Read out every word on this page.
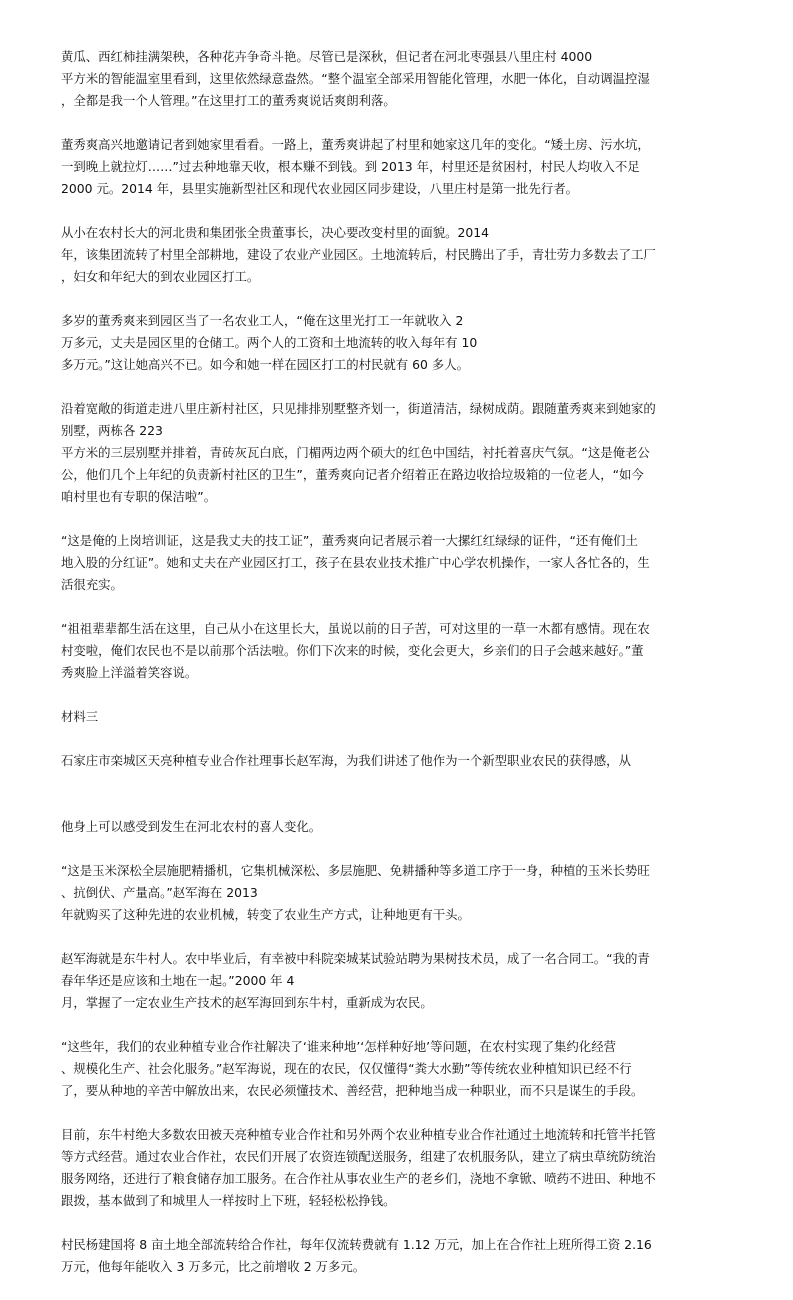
黄瓜、西红柿挂满架秧，各种花卉争奇斗艳。尽管已是深秋，但记者在河北枣强县八里庄村 4000
平方米的智能温室里看到，这里依然绿意盎然。“整个温室全部采用智能化管理，水肥一体化，自动调温控湿
，全都是我一个人管理。”在这里打工的董秀爽说话爽朗利落。

董秀爽高兴地邀请记者到她家里看看。一路上，董秀爽讲起了村里和她家这几年的变化。“矮土房、污水坑，
一到晚上就拉灯……”过去种地靠天收，根本赚不到钱。到 2013 年，村里还是贫困村，村民人均收入不足
2000 元。2014 年，县里实施新型社区和现代农业园区同步建设，八里庄村是第一批先行者。

从小在农村长大的河北贵和集团张全贵董事长，决心要改变村里的面貌。2014
年，该集团流转了村里全部耕地，建设了农业产业园区。土地流转后，村民腾出了手，青壮劳力多数去了工厂
，妇女和年纪大的到农业园区打工。

多岁的董秀爽来到园区当了一名农业工人，“俺在这里光打工一年就收入 2
万多元，丈夫是园区里的仓储工。两个人的工资和土地流转的收入每年有 10
多万元。”这让她高兴不已。如今和她一样在园区打工的村民就有 60 多人。

沿着宽敞的街道走进八里庄新村社区，只见排排别墅整齐划一，街道清洁，绿树成荫。跟随董秀爽来到她家的
别墅，两栋各 223
平方米的三层别墅并排着，青砖灰瓦白底，门楣两边两个硕大的红色中国结，衬托着喜庆气氛。“这是俺老公
公，他们几个上年纪的负责新村社区的卫生”，董秀爽向记者介绍着正在路边收拾垃圾箱的一位老人，“如今
咱村里也有专职的保洁啦”。

“这是俺的上岗培训证，这是我丈夫的技工证”，董秀爽向记者展示着一大摞红红绿绿的证件，“还有俺们土
地入股的分红证”。她和丈夫在产业园区打工，孩子在县农业技术推广中心学农机操作，一家人各忙各的，生
活很充实。

“祖祖辈辈都生活在这里，自己从小在这里长大，虽说以前的日子苦，可对这里的一草一木都有感情。现在农
村变啦，俺们农民也不是以前那个活法啦。你们下次来的时候，变化会更大，乡亲们的日子会越来越好。”董
秀爽脸上洋溢着笑容说。

材料三

石家庄市栾城区天亮种植专业合作社理事长赵军海，为我们讲述了他作为一个新型职业农民的获得感，从

他身上可以感受到发生在河北农村的喜人变化。

“这是玉米深松全层施肥精播机，它集机械深松、多层施肥、免耕播种等多道工序于一身，种植的玉米长势旺
、抗倒伏、产量高。”赵军海在 2013
年就购买了这种先进的农业机械，转变了农业生产方式，让种地更有干头。

赵军海就是东牛村人。农中毕业后，有幸被中科院栾城某试验站聘为果树技术员，成了一名合同工。“我的青
春年华还是应该和土地在一起。”2000 年 4
月，掌握了一定农业生产技术的赵军海回到东牛村，重新成为农民。

“这些年，我们的农业种植专业合作社解决了‘谁来种地’‘怎样种好地’等问题，在农村实现了集约化经营
、规模化生产、社会化服务。”赵军海说，现在的农民，仅仅懂得“粪大水勤”等传统农业种植知识已经不行
了，要从种地的辛苦中解放出来，农民必须懂技术、善经营，把种地当成一种职业，而不只是谋生的手段。

目前，东牛村绝大多数农田被天亮种植专业合作社和另外两个农业种植专业合作社通过土地流转和托管半托管
等方式经营。通过农业合作社，农民们开展了农资连锁配送服务，组建了农机服务队，建立了病虫草统防统治
服务网络，还进行了粮食储存加工服务。在合作社从事农业生产的老乡们，浇地不拿锨、喷药不进田、种地不
跟拨，基本做到了和城里人一样按时上下班，轻轻松松挣钱。

村民杨建国将 8 亩土地全部流转给合作社，每年仅流转费就有 1.12 万元，加上在合作社上班所得工资 2.16
万元，他每年能收入 3 万多元，比之前增收 2 万多元。
